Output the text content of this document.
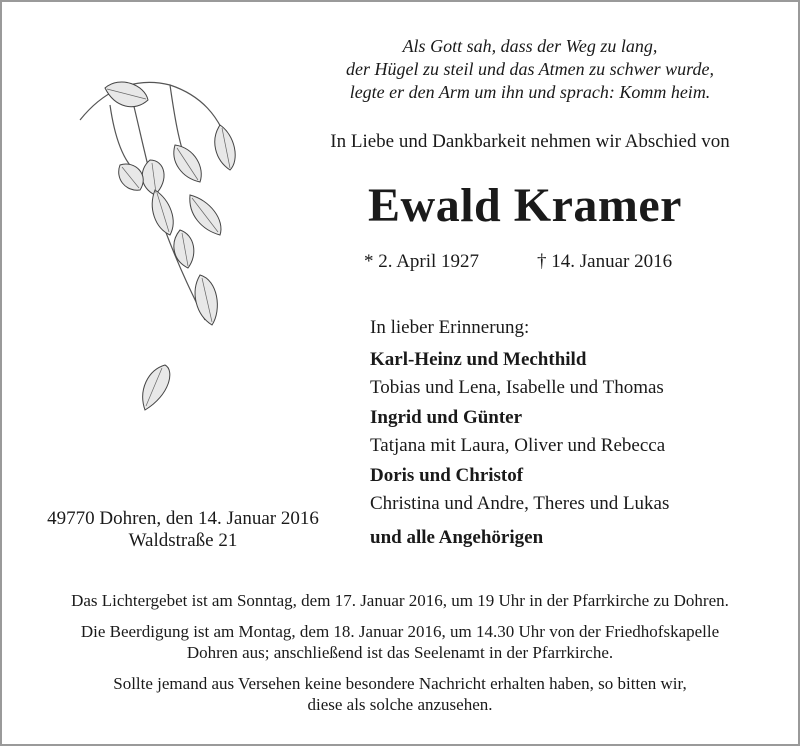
Als Gott sah, dass der Weg zu lang,
der Hügel zu steil und das Atmen zu schwer wurde,
legte er den Arm um ihn und sprach: Komm heim.
In Liebe und Dankbarkeit nehmen wir Abschied von
Ewald Kramer
* 2. April 1927	† 14. Januar 2016
In lieber Erinnerung:
Karl-Heinz und Mechthild
Tobias und Lena, Isabelle und Thomas
Ingrid und Günter
Tatjana mit Laura, Oliver und Rebecca
Doris und Christof
Christina und Andre, Theres und Lukas
und alle Angehörigen
49770 Dohren, den 14. Januar 2016
Waldstraße 21

Das Lichtergebet ist am Sonntag, dem 17. Januar 2016, um 19 Uhr in der Pfarrkirche zu Dohren.

Die Beerdigung ist am Montag, dem 18. Januar 2016, um 14.30 Uhr von der Friedhofskapelle
Dohren aus; anschließend ist das Seelenamt in der Pfarrkirche.

Sollte jemand aus Versehen keine besondere Nachricht erhalten haben, so bitten wir,
diese als solche anzusehen.
